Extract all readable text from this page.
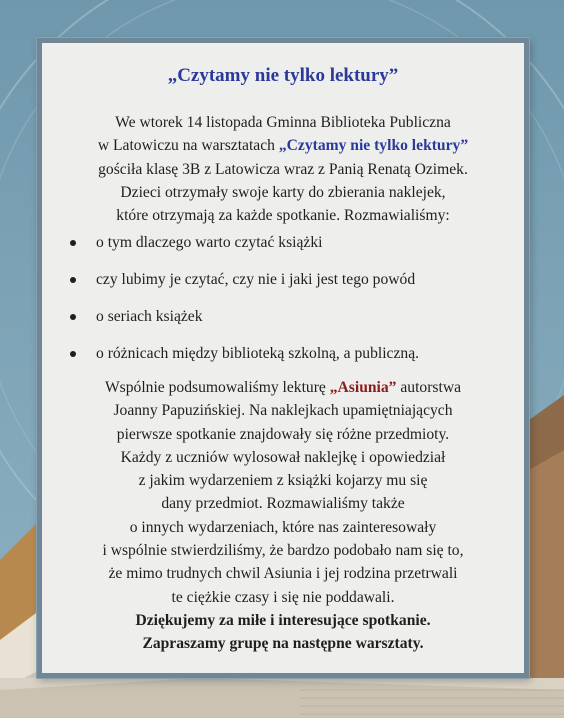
„Czytamy nie tylko lektury”
We wtorek 14 listopada Gminna Biblioteka Publiczna
w Latowiczu na warsztatach „Czytamy nie tylko lektury”
gościła klasę 3B z Latowicza wraz z Panią Renatą Ozimek.
Dzieci otrzymały swoje karty do zbierania naklejek,
które otrzymają za każde spotkanie. Rozmawialiśmy:
o tym dlaczego warto czytać książki
czy lubimy je czytać, czy nie i jaki jest tego powód
o seriach książek
o różnicach między biblioteką szkolną, a publiczną.
Wspólnie podsumowaliśmy lekturę „Asiunia” autorstwa
Joanny Papuzińskiej. Na naklejkach upamiętniających
pierwsze spotkanie znajdowały się różne przedmioty.
Każdy z uczniów wylosował naklejkę i opowiedział
z jakim wydarzeniem z książki kojarzy mu się
dany przedmiot. Rozmawialiśmy także
o innych wydarzeniach, które nas zainteresowały
i wspólnie stwierdziliśmy, że bardzo podobało nam się to,
że mimo trudnych chwil Asiunia i jej rodzina przetrwali
te ciężkie czasy i się nie poddawali.
Dziękujemy za miłe i interesujące spotkanie.
Zapraszamy grupę na następne warsztaty.
